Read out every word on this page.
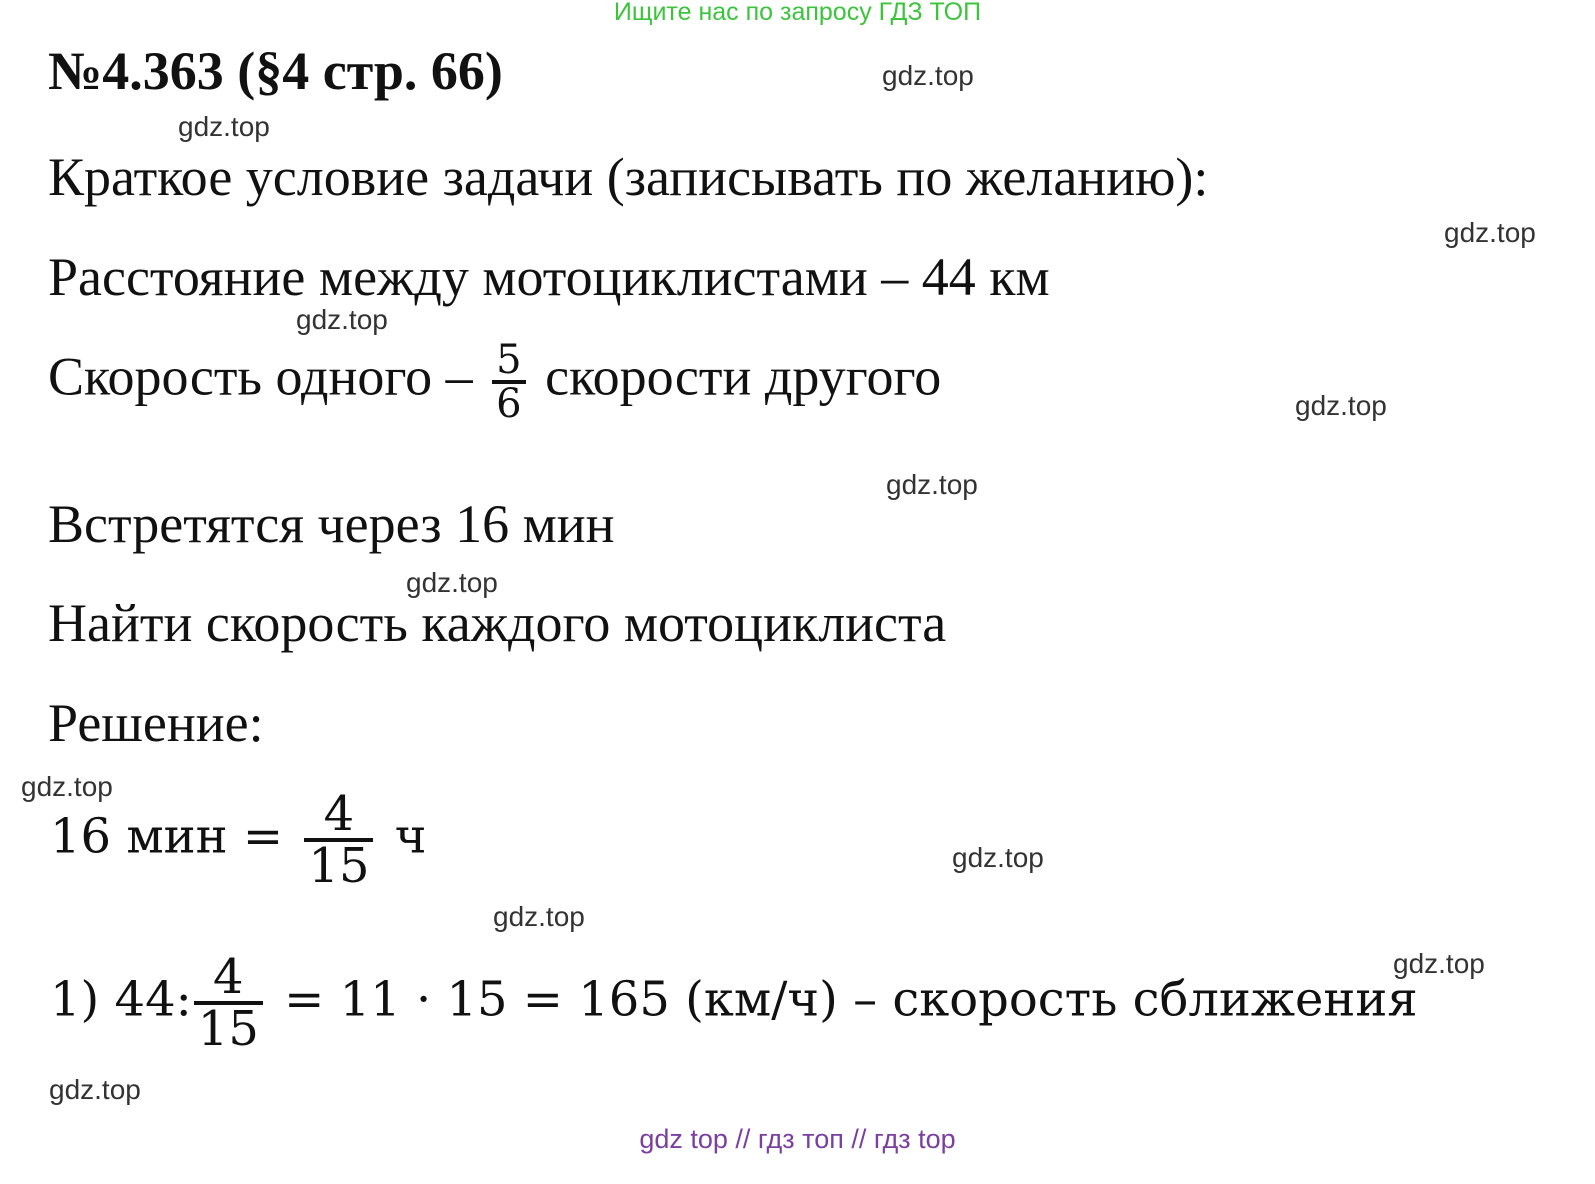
Ищите нас по запросу ГДЗ ТОП
№4.363 (§4 стр. 66)
Краткое условие задачи (записывать по желанию):
Расстояние между мотоциклистами – 44 км
Скорость одного – $\frac{5}{6}$ скорости другого
Встретятся через 16 мин
Найти скорость каждого мотоциклиста
Решение:
16 мин = $\frac{4}{15}$ ч
1) 44: $\frac{4}{15} = 11 \cdot 15 = 165$ (км/ч) – скорость сближения
gdz.top
gdz.top
gdz.top
gdz.top
gdz.top
gdz.top
gdz.top
gdz.top
gdz.top
gdz.top
gdz.top
gdz.top
gdz top // гдз топ // гдз top
